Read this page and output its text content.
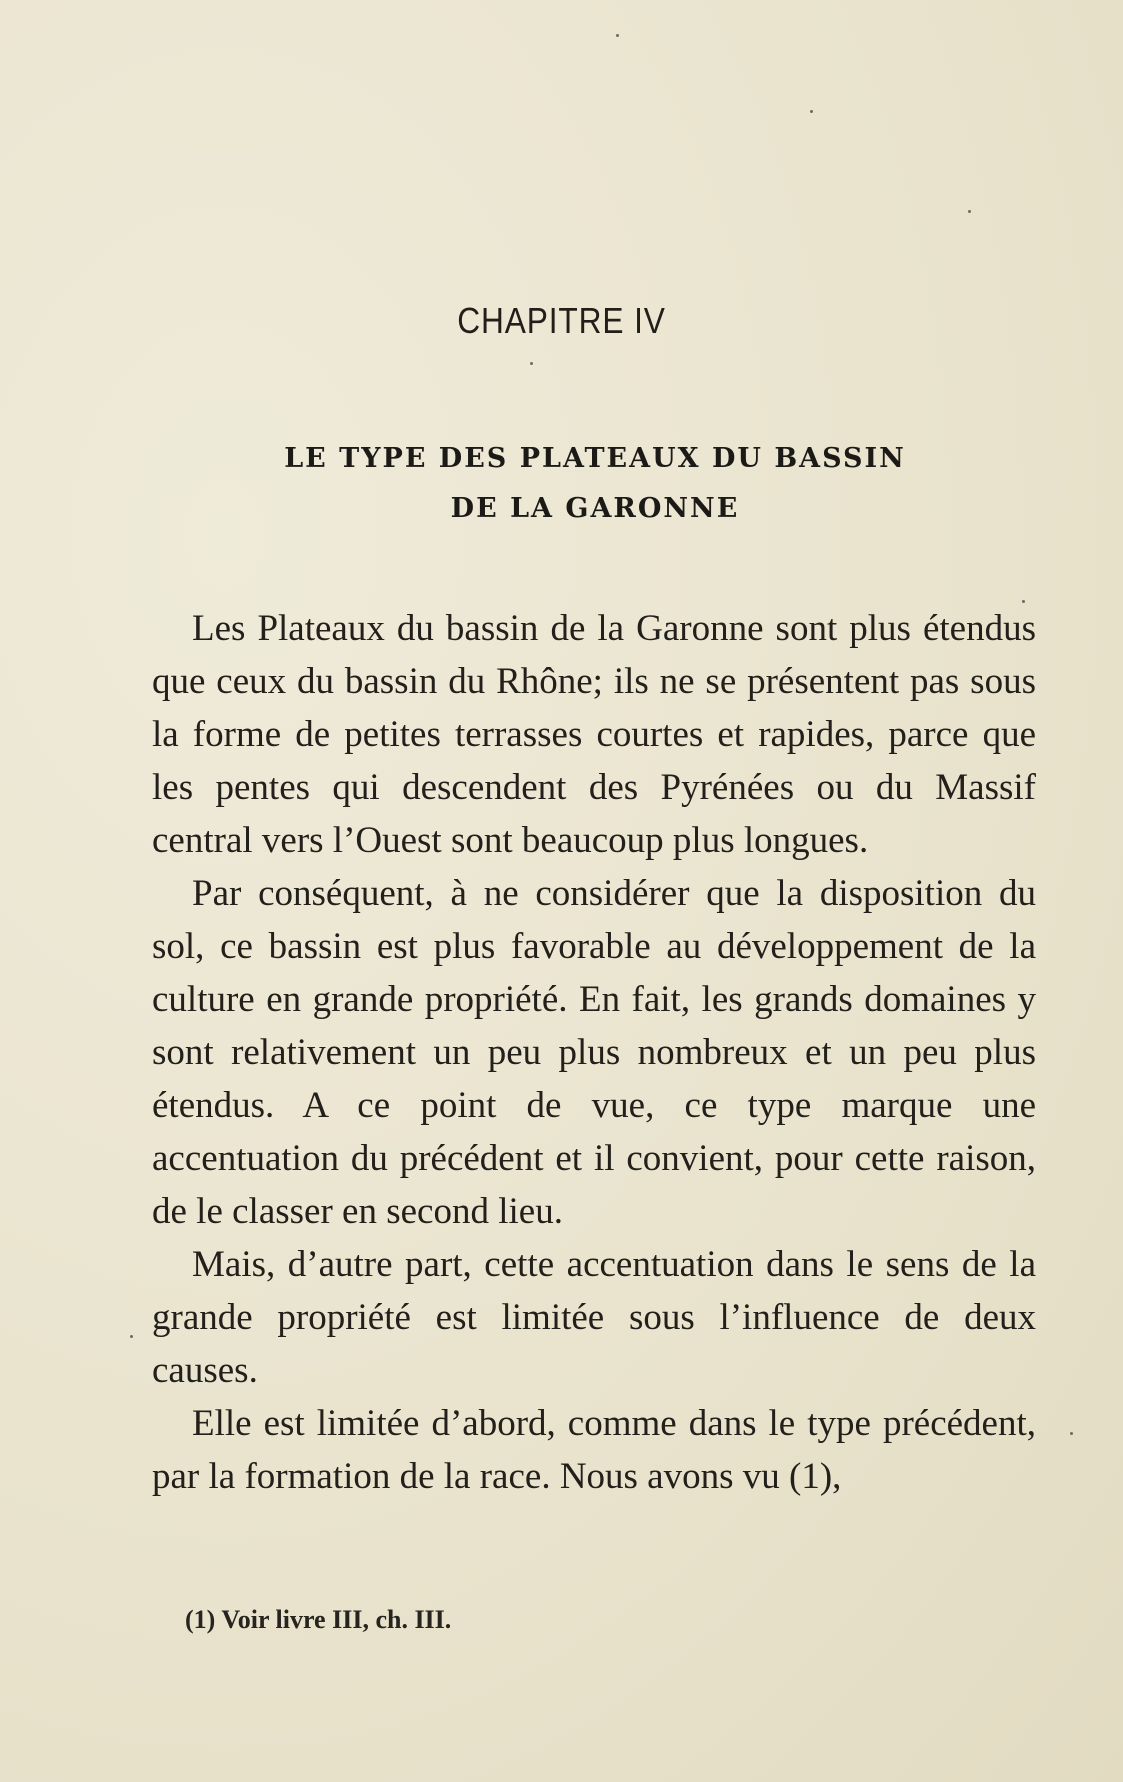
CHAPITRE IV
LE TYPE DES PLATEAUX DU BASSIN
DE LA GARONNE

Les Plateaux du bassin de la Garonne sont plus étendus que ceux du bassin du Rhône; ils ne se présentent pas sous la forme de petites terrasses courtes et rapides, parce que les pentes qui descendent des Pyrénées ou du Massif central vers l’Ouest sont beaucoup plus longues.

Par conséquent, à ne considérer que la disposition du sol, ce bassin est plus favorable au développement de la culture en grande propriété. En fait, les grands domaines y sont relativement un peu plus nombreux et un peu plus étendus. A ce point de vue, ce type marque une accentuation du précédent et il convient, pour cette raison, de le classer en second lieu.

Mais, d’autre part, cette accentuation dans le sens de la grande propriété est limitée sous l’influence de deux causes.

Elle est limitée d’abord, comme dans le type précédent, par la formation de la race. Nous avons vu (1),

(1) Voir livre III, ch. III.
